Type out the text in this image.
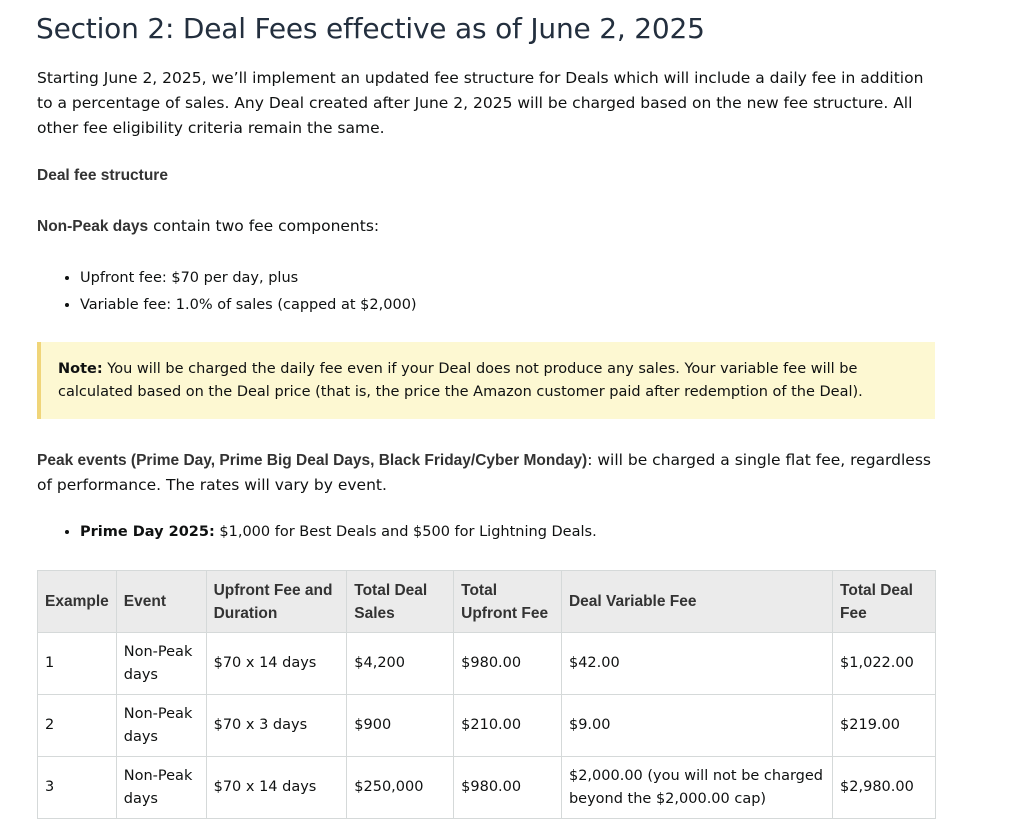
Section 2: Deal Fees effective as of June 2, 2025

Starting June 2, 2025, we’ll implement an updated fee structure for Deals which will include a daily fee in addition to a percentage of sales. Any Deal created after June 2, 2025 will be charged based on the new fee structure. All other fee eligibility criteria remain the same.

Deal fee structure

Non-Peak days contain two fee components:

• Upfront fee: $70 per day, plus
• Variable fee: 1.0% of sales (capped at $2,000)
Note: You will be charged the daily fee even if your Deal does not produce any sales. Your variable fee will be calculated based on the Deal price (that is, the price the Amazon customer paid after redemption of the Deal).

Peak events (Prime Day, Prime Big Deal Days, Black Friday/Cyber Monday): will be charged a single flat fee, regardless of performance. The rates will vary by event.

• Prime Day 2025: $1,000 for Best Deals and $500 for Lightning Deals.
Example	Event	Upfront Fee and Duration	Total Deal Sales	Total Upfront Fee	Deal Variable Fee	Total Deal Fee
1	Non-Peak days	$70 x 14 days	$4,200	$980.00	$42.00	$1,022.00
2	Non-Peak days	$70 x 3 days	$900	$210.00	$9.00	$219.00
3	Non-Peak days	$70 x 14 days	$250,000	$980.00	$2,000.00 (you will not be charged beyond the $2,000.00 cap)	$2,980.00
